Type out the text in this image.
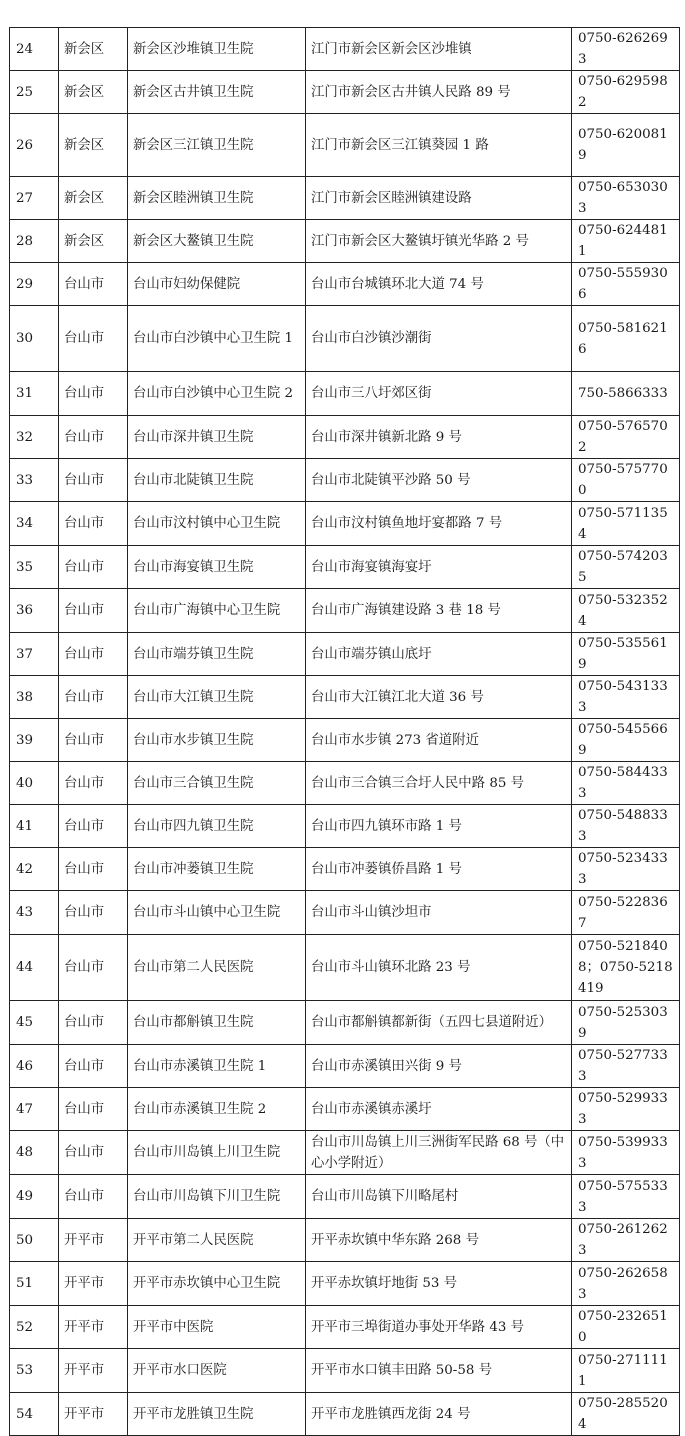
24	新会区	新会区沙堆镇卫生院	江门市新会区新会区沙堆镇	0750-6262693
25	新会区	新会区古井镇卫生院	江门市新会区古井镇人民路 89 号	0750-6295982
26	新会区	新会区三江镇卫生院	江门市新会区三江镇葵园 1 路	0750-6200819
27	新会区	新会区睦洲镇卫生院	江门市新会区睦洲镇建设路	0750-6530303
28	新会区	新会区大鳌镇卫生院	江门市新会区大鳌镇圩镇光华路 2 号	0750-6244811
29	台山市	台山市妇幼保健院	台山市台城镇环北大道 74 号	0750-5559306
30	台山市	台山市白沙镇中心卫生院 1	台山市白沙镇沙潮街	0750-5816216
31	台山市	台山市白沙镇中心卫生院 2	台山市三八圩郊区街	750-5866333
32	台山市	台山市深井镇卫生院	台山市深井镇新北路 9 号	0750-5765702
33	台山市	台山市北陡镇卫生院	台山市北陡镇平沙路 50 号	0750-5757700
34	台山市	台山市汶村镇中心卫生院	台山市汶村镇鱼地圩宴都路 7 号	0750-5711354
35	台山市	台山市海宴镇卫生院	台山市海宴镇海宴圩	0750-5742035
36	台山市	台山市广海镇中心卫生院	台山市广海镇建设路 3 巷 18 号	0750-5323524
37	台山市	台山市端芬镇卫生院	台山市端芬镇山底圩	0750-5355619
38	台山市	台山市大江镇卫生院	台山市大江镇江北大道 36 号	0750-5431333
39	台山市	台山市水步镇卫生院	台山市水步镇 273 省道附近	0750-5455669
40	台山市	台山市三合镇卫生院	台山市三合镇三合圩人民中路 85 号	0750-5844333
41	台山市	台山市四九镇卫生院	台山市四九镇环市路 1 号	0750-5488333
42	台山市	台山市冲蒌镇卫生院	台山市冲蒌镇侨昌路 1 号	0750-5234333
43	台山市	台山市斗山镇中心卫生院	台山市斗山镇沙坦市	0750-5228367
44	台山市	台山市第二人民医院	台山市斗山镇环北路 23 号	0750-5218408；0750-5218419
45	台山市	台山市都斛镇卫生院	台山市都斛镇都新街（五四七县道附近）	0750-5253039
46	台山市	台山市赤溪镇卫生院 1	台山市赤溪镇田兴街 9 号	0750-5277333
47	台山市	台山市赤溪镇卫生院 2	台山市赤溪镇赤溪圩	0750-5299333
48	台山市	台山市川岛镇上川卫生院	台山市川岛镇上川三洲街军民路 68 号（中心小学附近）	0750-5399333
49	台山市	台山市川岛镇下川卫生院	台山市川岛镇下川略尾村	0750-5755333
50	开平市	开平市第二人民医院	开平赤坎镇中华东路 268 号	0750-2612623
51	开平市	开平市赤坎镇中心卫生院	开平赤坎镇圩地街 53 号	0750-2626583
52	开平市	开平市中医院	开平市三埠街道办事处开华路 43 号	0750-2326510
53	开平市	开平市水口医院	开平市水口镇丰田路 50-58 号	0750-2711111
54	开平市	开平市龙胜镇卫生院	开平市龙胜镇西龙街 24 号	0750-2855204
